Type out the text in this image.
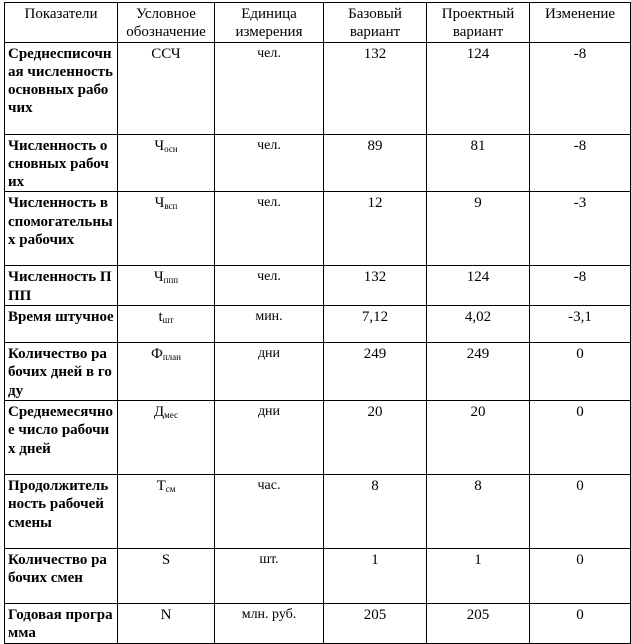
Показатели	Условное обозначение	Единица измерения	Базовый вариант	Проектный вариант	Изменение
Среднесписочная численность основных рабочих	ССЧ	чел.	132	124	-8
Численность основных рабочих	Чосн	чел.	89	81	-8
Численность вспомогательных рабочих	Чвсп	чел.	12	9	-3
Численность ППП	Чппп	чел.	132	124	-8
Время штучное	tшт	мин.	7,12	4,02	-3,1
Количество рабочих дней в году	Фплан	дни	249	249	0
Среднемесячное число рабочих дней	Дмес	дни	20	20	0
Продолжительность рабочей смены	Тсм	час.	8	8	0
Количество рабочих смен	S	шт.	1	1	0
Годовая программа	N	млн. руб.	205	205	0
